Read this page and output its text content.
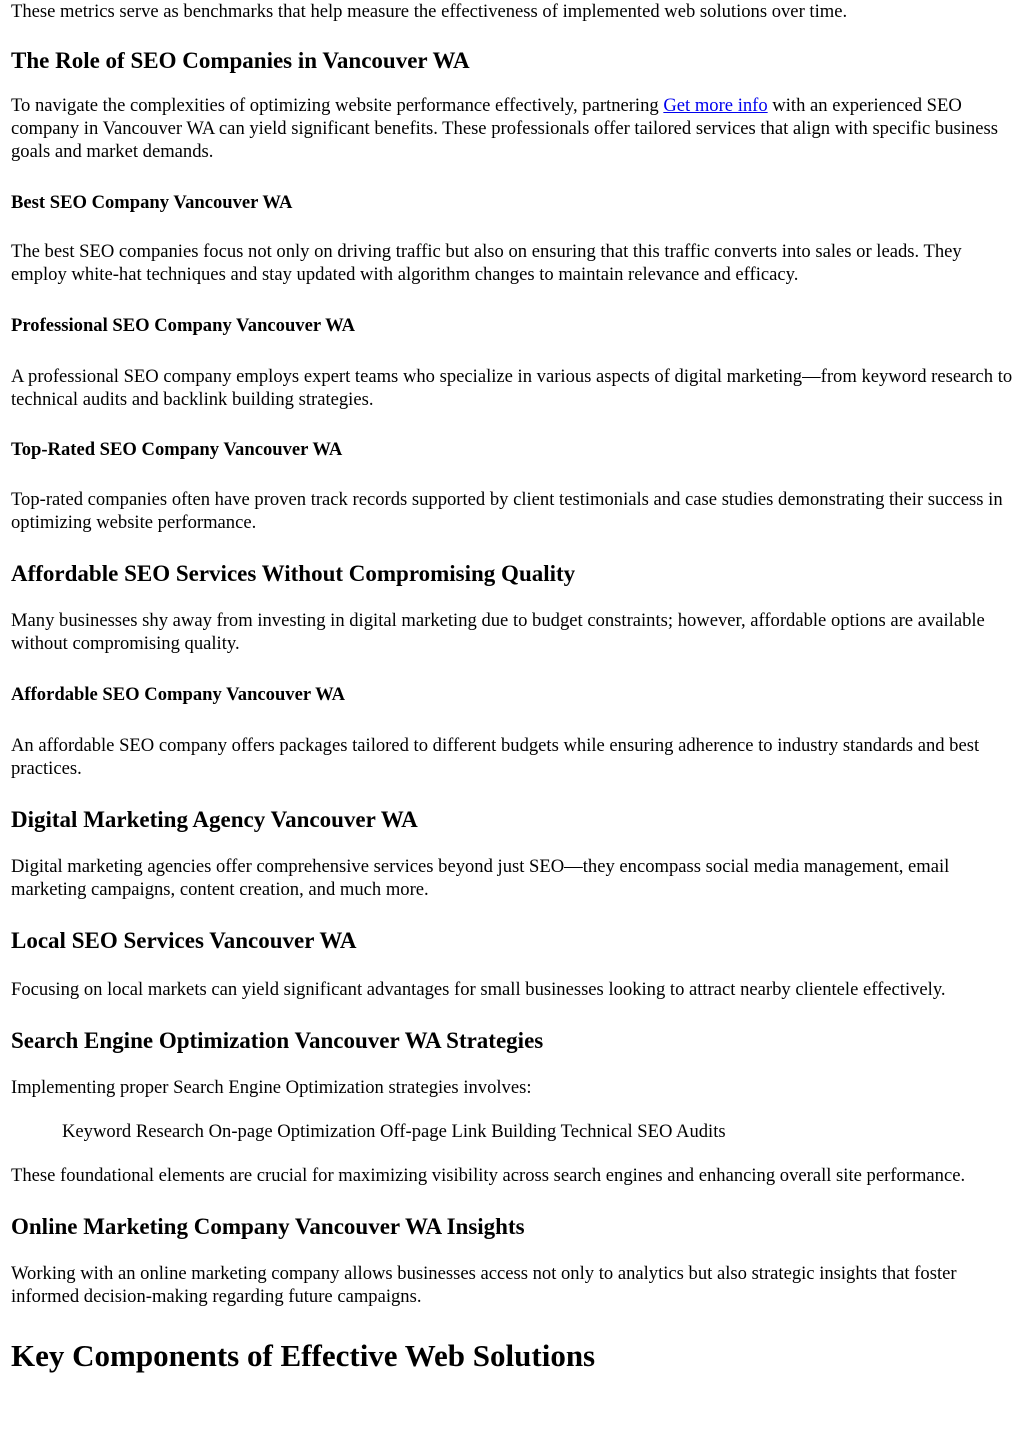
These metrics serve as benchmarks that help measure the effectiveness of implemented web solutions over time.

The Role of SEO Companies in Vancouver WA

To navigate the complexities of optimizing website performance effectively, partnering Get more info with an experienced SEO company in Vancouver WA can yield significant benefits. These professionals offer tailored services that align with specific business goals and market demands.

Best SEO Company Vancouver WA

The best SEO companies focus not only on driving traffic but also on ensuring that this traffic converts into sales or leads. They employ white-hat techniques and stay updated with algorithm changes to maintain relevance and efficacy.

Professional SEO Company Vancouver WA

A professional SEO company employs expert teams who specialize in various aspects of digital marketing—from keyword research to technical audits and backlink building strategies.

Top-Rated SEO Company Vancouver WA

Top-rated companies often have proven track records supported by client testimonials and case studies demonstrating their success in optimizing website performance.

Affordable SEO Services Without Compromising Quality

Many businesses shy away from investing in digital marketing due to budget constraints; however, affordable options are available without compromising quality.

Affordable SEO Company Vancouver WA

An affordable SEO company offers packages tailored to different budgets while ensuring adherence to industry standards and best practices.

Digital Marketing Agency Vancouver WA

Digital marketing agencies offer comprehensive services beyond just SEO—they encompass social media management, email marketing campaigns, content creation, and much more.

Local SEO Services Vancouver WA

Focusing on local markets can yield significant advantages for small businesses looking to attract nearby clientele effectively.

Search Engine Optimization Vancouver WA Strategies

Implementing proper Search Engine Optimization strategies involves:

Keyword Research On-page Optimization Off-page Link Building Technical SEO Audits

These foundational elements are crucial for maximizing visibility across search engines and enhancing overall site performance.

Online Marketing Company Vancouver WA Insights

Working with an online marketing company allows businesses access not only to analytics but also strategic insights that foster informed decision-making regarding future campaigns.

Key Components of Effective Web Solutions
